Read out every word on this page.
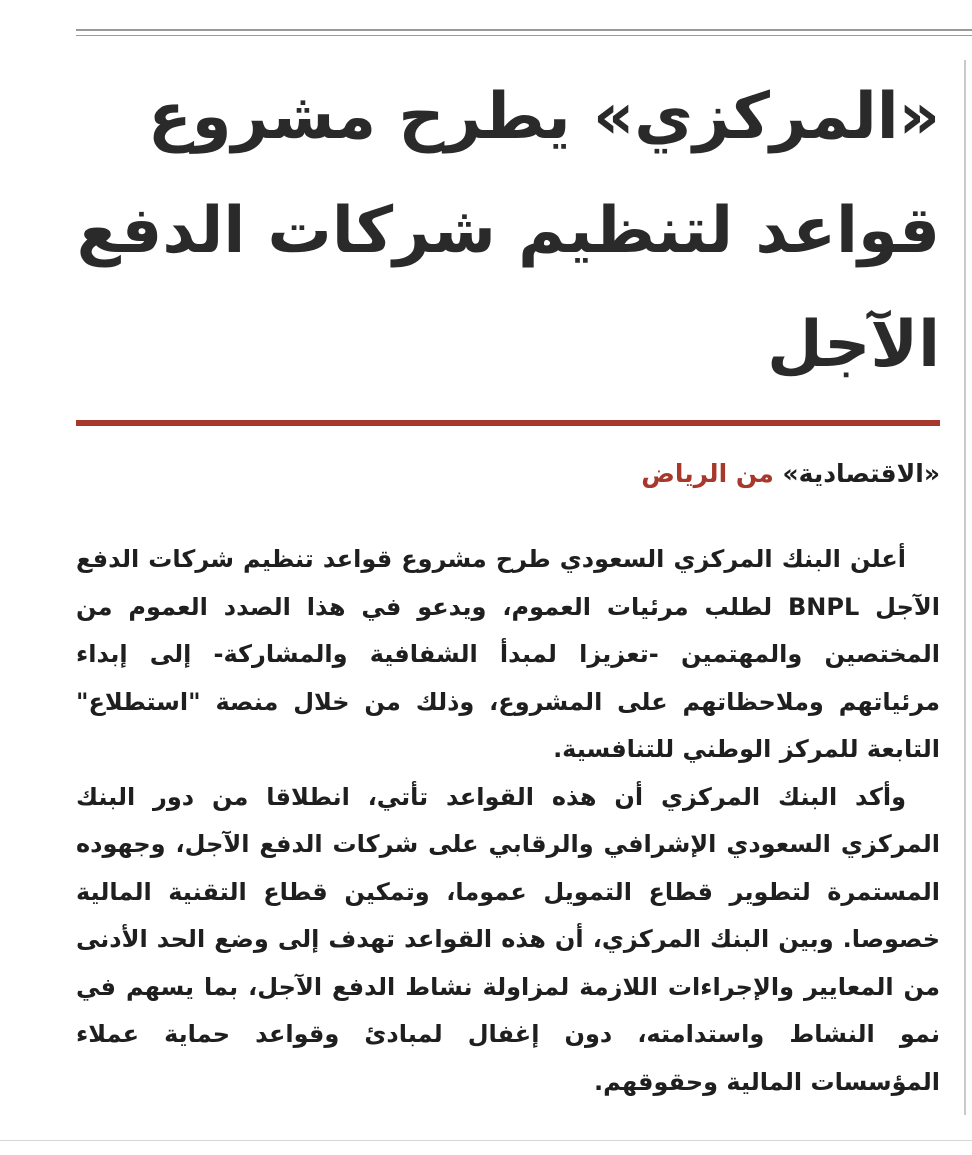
«المركزي» يطرح مشروع قواعد لتنظيم شركات الدفع الآجل
«الاقتصادية» من الرياض

أعلن البنك المركزي السعودي طرح مشروع قواعد تنظيم شركات الدفع الآجل BNPL لطلب مرئيات العموم، ويدعو في هذا الصدد العموم من المختصين والمهتمين -تعزيزا لمبدأ الشفافية والمشاركة- إلى إبداء مرئياتهم وملاحظاتهم على المشروع، وذلك من خلال منصة "استطلاع" التابعة للمركز الوطني للتنافسية.

وأكد البنك المركزي أن هذه القواعد تأتي، انطلاقا من دور البنك المركزي السعودي الإشرافي والرقابي على شركات الدفع الآجل، وجهوده المستمرة لتطوير قطاع التمويل عموما، وتمكين قطاع التقنية المالية خصوصا. وبين البنك المركزي، أن هذه القواعد تهدف إلى وضع الحد الأدنى من المعايير والإجراءات اللازمة لمزاولة نشاط الدفع الآجل، بما يسهم في نمو النشاط واستدامته، دون إغفال لمبادئ وقواعد حماية عملاء المؤسسات المالية وحقوقهم.
